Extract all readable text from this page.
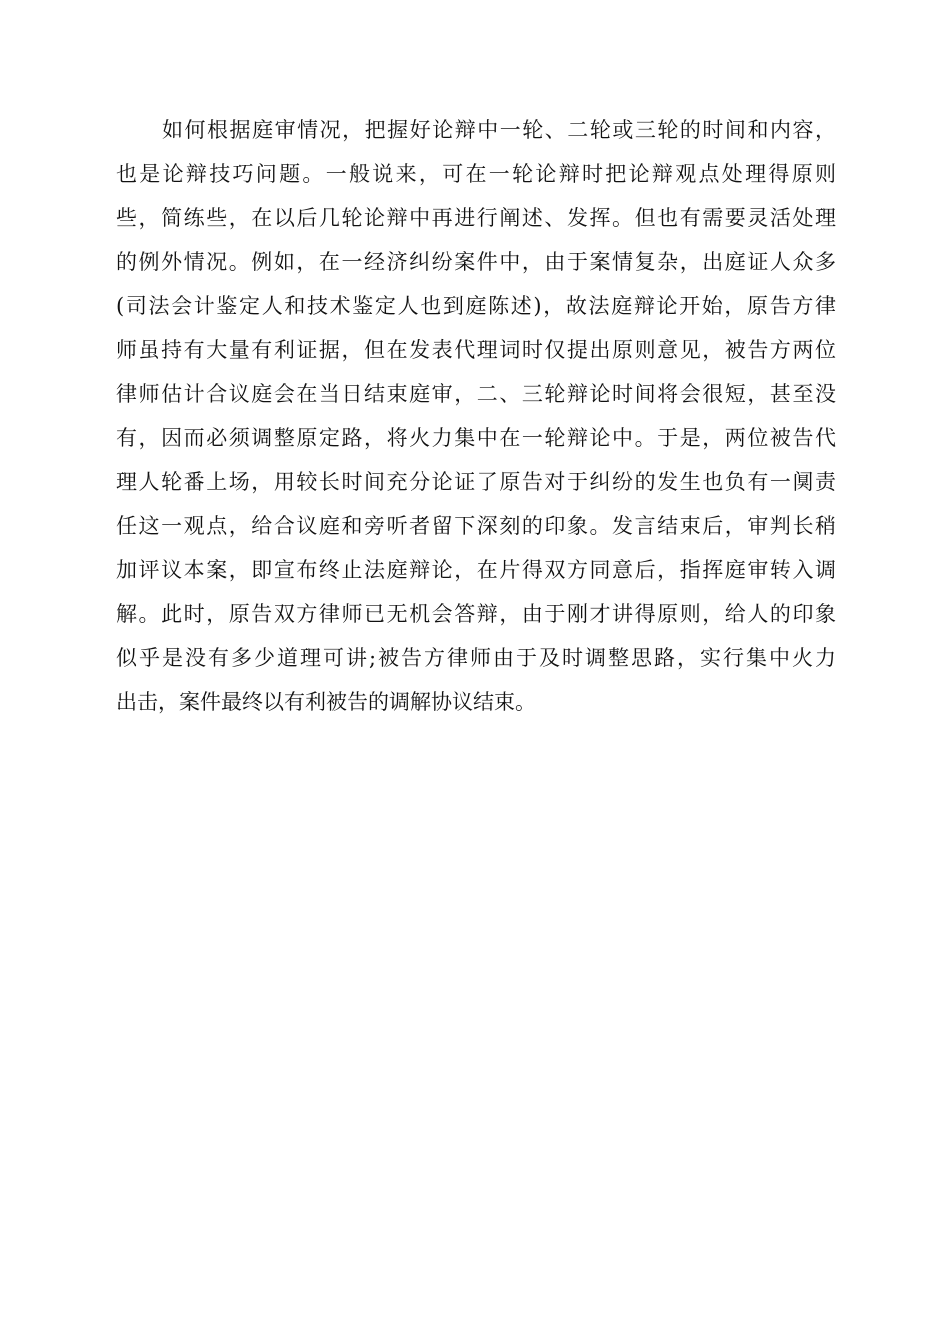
如何根据庭审情况，把握好论辩中一轮、二轮或三轮的时间和内容，
也是论辩技巧问题。一般说来，可在一轮论辩时把论辩观点处理得原则
些，简练些，在以后几轮论辩中再进行阐述、发挥。但也有需要灵活处理
的例外情况。例如，在一经济纠纷案件中，由于案情复杂，出庭证人众多
(司法会计鉴定人和技术鉴定人也到庭陈述)，故法庭辩论开始，原告方律
师虽持有大量有利证据，但在发表代理词时仅提出原则意见，被告方两位
律师估计合议庭会在当日结束庭审，二、三轮辩论时间将会很短，甚至没
有，因而必须调整原定路，将火力集中在一轮辩论中。于是，两位被告代
理人轮番上场，用较长时间充分论证了原告对于纠纷的发生也负有一阒责
任这一观点，给合议庭和旁听者留下深刻的印象。发言结束后，审判长稍
加评议本案，即宣布终止法庭辩论，在片得双方同意后，指挥庭审转入调
解。此时，原告双方律师已无机会答辩，由于刚才讲得原则，给人的印象
似乎是没有多少道理可讲;被告方律师由于及时调整思路，实行集中火力
出击，案件最终以有利被告的调解协议结束。
